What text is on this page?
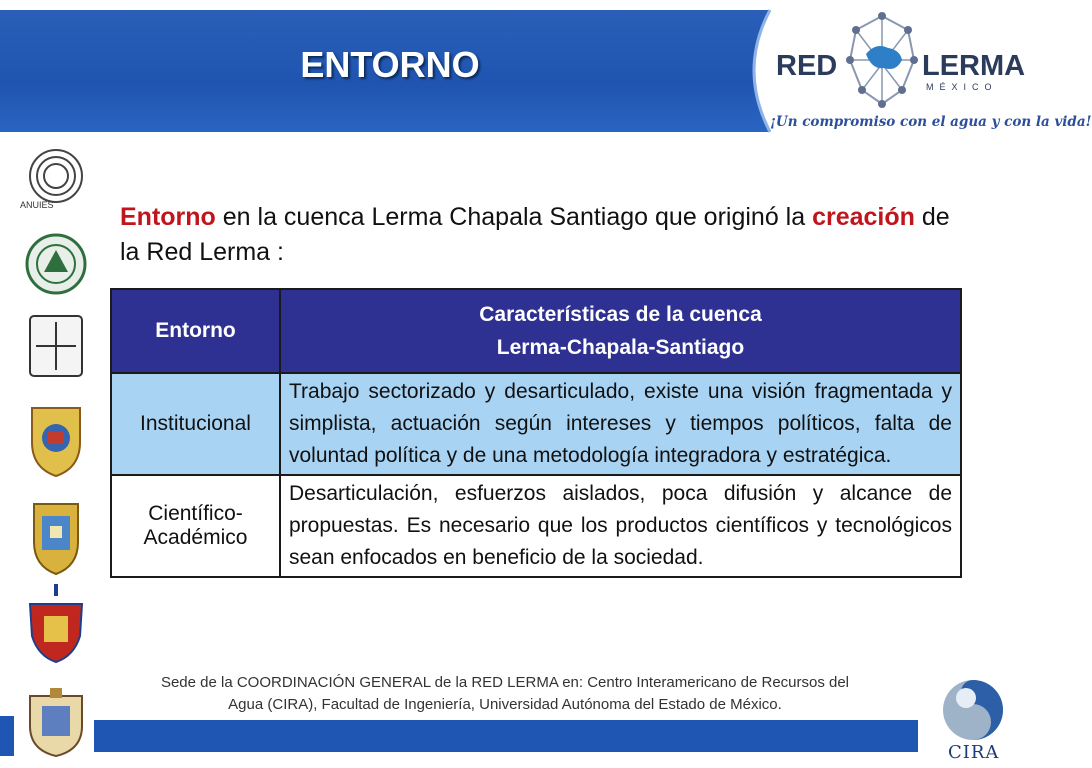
ENTORNO	RED	LERMA
MÉXICO
¡Un compromiso con el agua y con la vida!
ANUIES	Entorno en la cuenca Lerma Chapala Santiago que originó la creación de la Red Lerma :
Entorno	Características de la cuenca
Lerma-Chapala-Santiago

Institucional	Trabajo sectorizado y desarticulado, existe una visión fragmentada y simplista, actuación según intereses y tiempos políticos, falta de voluntad política y de una metodología integradora y estratégica.

Científico-
Académico	Desarticulación, esfuerzos aislados, poca difusión y alcance de propuestas. Es necesario que los productos científicos y tecnológicos sean enfocados en beneficio de la sociedad.
Sede de la COORDINACIÓN GENERAL de la RED LERMA en: Centro Interamericano de Recursos del
Agua (CIRA), Facultad de Ingeniería, Universidad Autónoma del Estado de México.
CIRA
